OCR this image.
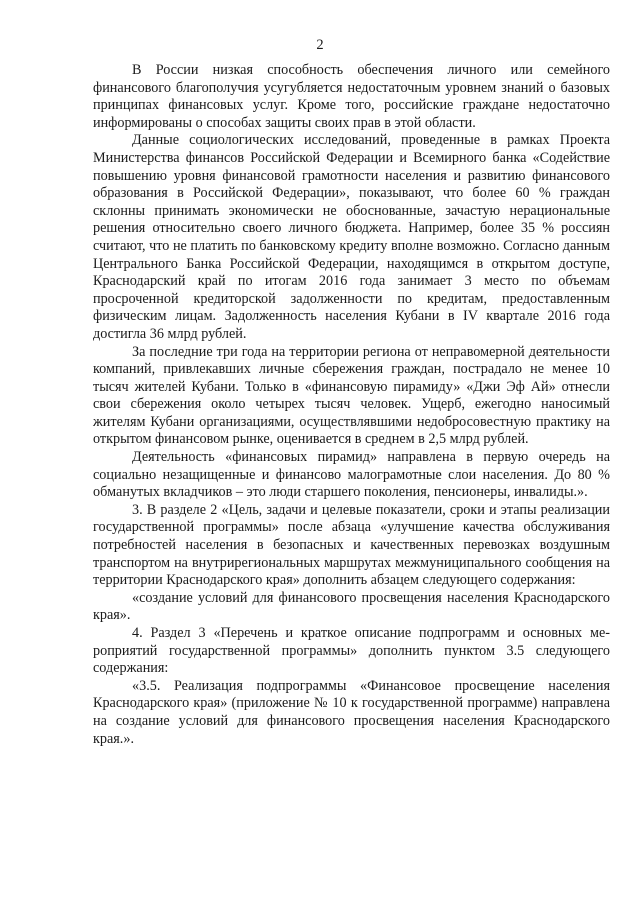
2

В России низкая способность обеспечения личного или семейного финансового благополучия усугубляется недостаточным уровнем знаний о базовых принципах финансовых услуг. Кроме того, российские граждане недостаточно информированы о способах защиты своих прав в этой области.

Данные социологических исследований, проведенные в рамках Проекта Министерства финансов Российской Федерации и Всемирного банка «Содействие повышению уровня финансовой грамотности населения и развитию финансового образования в Российской Федерации», показывают, что более 60 % граждан склонны принимать экономически не обоснованные, зачастую нерациональные решения относительно своего личного бюджета. Например, более 35 % россиян считают, что не платить по банковскому кредиту вполне возможно. Согласно данным Центрального Банка Российской Федерации, находящимся в открытом доступе, Краснодарский край по итогам 2016 года занимает 3 место по объемам просроченной кредиторской задолженности по кредитам, предоставленным физическим лицам. Задолженность населения Кубани в IV квартале 2016 года достигла 36 млрд рублей.

За последние три года на территории региона от неправомерной деятельности компаний, привлекавших личные сбережения граждан, пострадало не менее 10 тысяч жителей Кубани. Только в «финансовую пирамиду» «Джи Эф Ай» отнесли свои сбережения около четырех тысяч человек. Ущерб, ежегодно наносимый жителям Кубани организациями, осуществлявшими недобросовестную практику на открытом финансовом рынке, оценивается в среднем в 2,5 млрд рублей.

Деятельность «финансовых пирамид» направлена в первую очередь на социально незащищенные и финансово малограмотные слои населения. До 80 % обманутых вкладчиков – это люди старшего поколения, пенсионеры, инвалиды.».

3. В разделе 2 «Цель, задачи и целевые показатели, сроки и этапы реализации государственной программы» после абзаца «улучшение качества обслуживания потребностей населения в безопасных и качественных перевозках воздушным транспортом на внутрирегиональных маршрутах межмуниципального сообщения на территории Краснодарского края» дополнить абзацем следующего содержания:

«создание условий для финансового просвещения населения Краснодарского края».

4. Раздел 3 «Перечень и краткое описание подпрограмм и основных мероприятий государственной программы» дополнить пунктом 3.5 следующего содержания:

«3.5. Реализация подпрограммы «Финансовое просвещение населения Краснодарского края» (приложение № 10 к государственной программе) направлена на создание условий для финансового просвещения населения Краснодарского края.».
